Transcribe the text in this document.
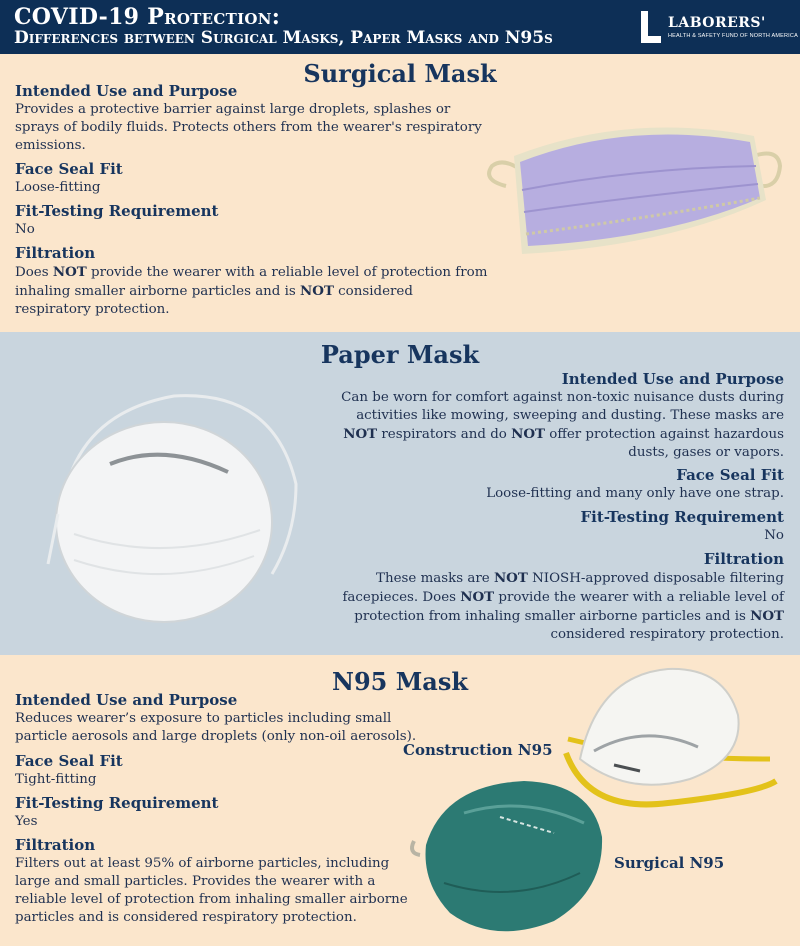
COVID-19 Protection:
Differences between Surgical Masks, Paper Masks and N95s
LABORERS'
HEALTH & SAFETY FUND OF NORTH AMERICA
Surgical Mask
Intended Use and Purpose

Provides a protective barrier against large droplets, splashes or sprays of bodily fluids. Protects others from the wearer's respiratory emissions.

Face Seal Fit

Loose-fitting

Fit-Testing Requirement

No

Filtration

Does NOT provide the wearer with a reliable level of protection from inhaling smaller airborne particles and is NOT considered respiratory protection.

Paper Mask
Intended Use and Purpose

Can be worn for comfort against non-toxic nuisance dusts during activities like mowing, sweeping and dusting. These masks are NOT respirators and do NOT offer protection against hazardous dusts, gases or vapors.

Face Seal Fit

Loose-fitting and many only have one strap.

Fit-Testing Requirement

No

Filtration

These masks are NOT NIOSH-approved disposable filtering facepieces. Does NOT provide the wearer with a reliable level of protection from inhaling smaller airborne particles and is NOT considered respiratory protection.

N95 Mask
Intended Use and Purpose

Reduces wearer’s exposure to particles including small particle aerosols and large droplets (only non-oil aerosols).

Face Seal Fit

Tight-fitting

Fit-Testing Requirement

Yes

Filtration

Filters out at least 95% of airborne particles, including large and small particles. Provides the wearer with a reliable level of protection from inhaling smaller airborne particles and is considered respiratory protection.

Construction N95
Surgical N95
